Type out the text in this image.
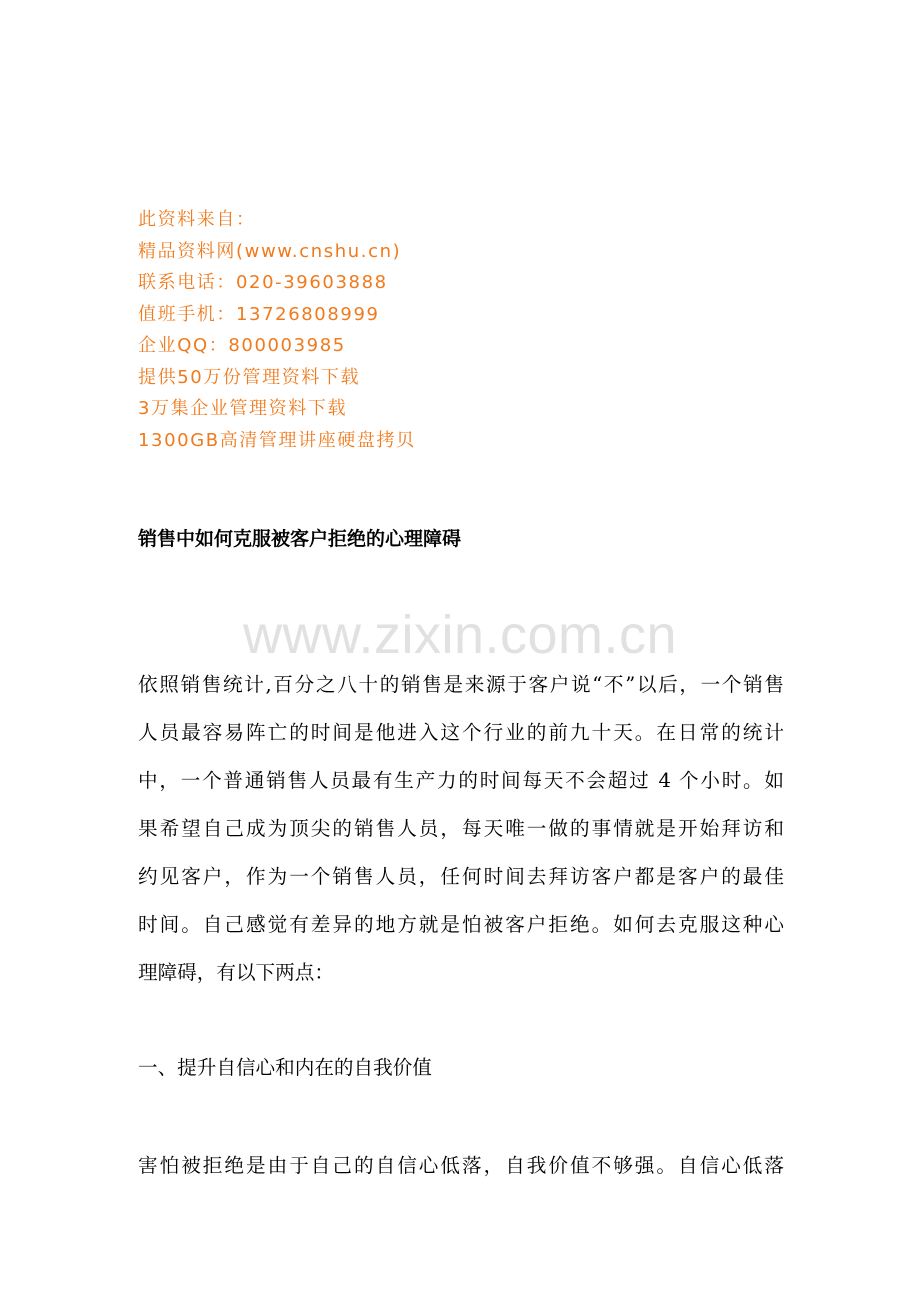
此资料来自：
精品资料网(www.cnshu.cn)
联系电话：020-39603888
值班手机：13726808999
企业QQ：800003985
提供50万份管理资料下载
3万集企业管理资料下载
1300GB高清管理讲座硬盘拷贝
销售中如何克服被客户拒绝的心理障碍
www.zixin.com.cn
依照销售统计,百分之八十的销售是来源于客户说“不”以后，一个销售
人员最容易阵亡的时间是他进入这个行业的前九十天。在日常的统计
中，一个普通销售人员最有生产力的时间每天不会超过 4 个小时。如
果希望自己成为顶尖的销售人员，每天唯一做的事情就是开始拜访和
约见客户，作为一个销售人员，任何时间去拜访客户都是客户的最佳
时间。自己感觉有差异的地方就是怕被客户拒绝。如何去克服这种心
理障碍，有以下两点：
一、提升自信心和内在的自我价值
害怕被拒绝是由于自己的自信心低落，自我价值不够强。自信心低落
